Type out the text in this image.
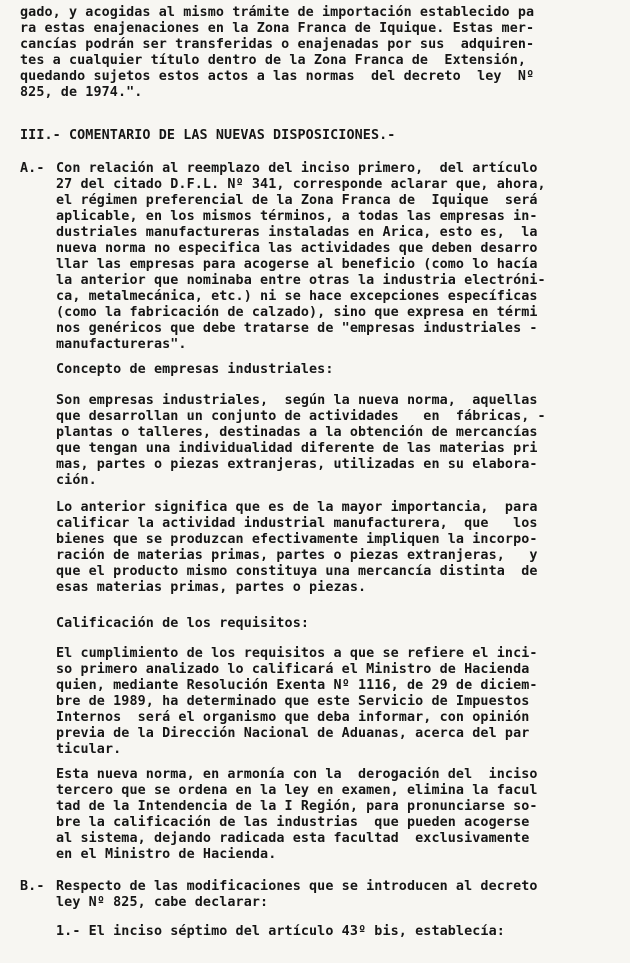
gado, y acogidas al mismo trámite de importación establecido pa
ra estas enajenaciones en la Zona Franca de Iquique. Estas mer-
cancías podrán ser transferidas o enajenadas por sus  adquiren-
tes a cualquier título dentro de la Zona Franca de  Extensión,
quedando sujetos estos actos a las normas  del decreto  ley  Nº
825, de 1974.".
III.- COMENTARIO DE LAS NUEVAS DISPOSICIONES.-
A.- Con relación al reemplazo del inciso primero,  del artículo
27 del citado D.F.L. Nº 341, corresponde aclarar que, ahora,
el régimen preferencial de la Zona Franca de  Iquique  será
aplicable, en los mismos términos, a todas las empresas in-
dustriales manufactureras instaladas en Arica, esto es,  la
nueva norma no especifica las actividades que deben desarro
llar las empresas para acogerse al beneficio (como lo hacía
la anterior que nominaba entre otras la industria electróni-
ca, metalmecánica, etc.) ni se hace excepciones específicas
(como la fabricación de calzado), sino que expresa en térmi
nos genéricos que debe tratarse de "empresas industriales -
manufactureras".
Concepto de empresas industriales:
Son empresas industriales,  según la nueva norma,  aquellas
que desarrollan un conjunto de actividades   en  fábricas, -
plantas o talleres, destinadas a la obtención de mercancías
que tengan una individualidad diferente de las materias pri
mas, partes o piezas extranjeras, utilizadas en su elabora-
ción.
Lo anterior significa que es de la mayor importancia,  para
calificar la actividad industrial manufacturera,  que   los
bienes que se produzcan efectivamente impliquen la incorpo-
ración de materias primas, partes o piezas extranjeras,   y
que el producto mismo constituya una mercancía distinta  de
esas materias primas, partes o piezas.
Calificación de los requisitos:
El cumplimiento de los requisitos a que se refiere el inci-
so primero analizado lo calificará el Ministro de Hacienda
quien, mediante Resolución Exenta Nº 1116, de 29 de diciem-
bre de 1989, ha determinado que este Servicio de Impuestos
Internos  será el organismo que deba informar, con opinión
previa de la Dirección Nacional de Aduanas, acerca del par
ticular.
Esta nueva norma, en armonía con la  derogación del  inciso
tercero que se ordena en la ley en examen, elimina la facul
tad de la Intendencia de la I Región, para pronunciarse so-
bre la calificación de las industrias  que pueden acogerse
al sistema, dejando radicada esta facultad  exclusivamente
en el Ministro de Hacienda.
B.- Respecto de las modificaciones que se introducen al decreto
ley Nº 825, cabe declarar:
1.- El inciso séptimo del artículo 43º bis, establecía:
